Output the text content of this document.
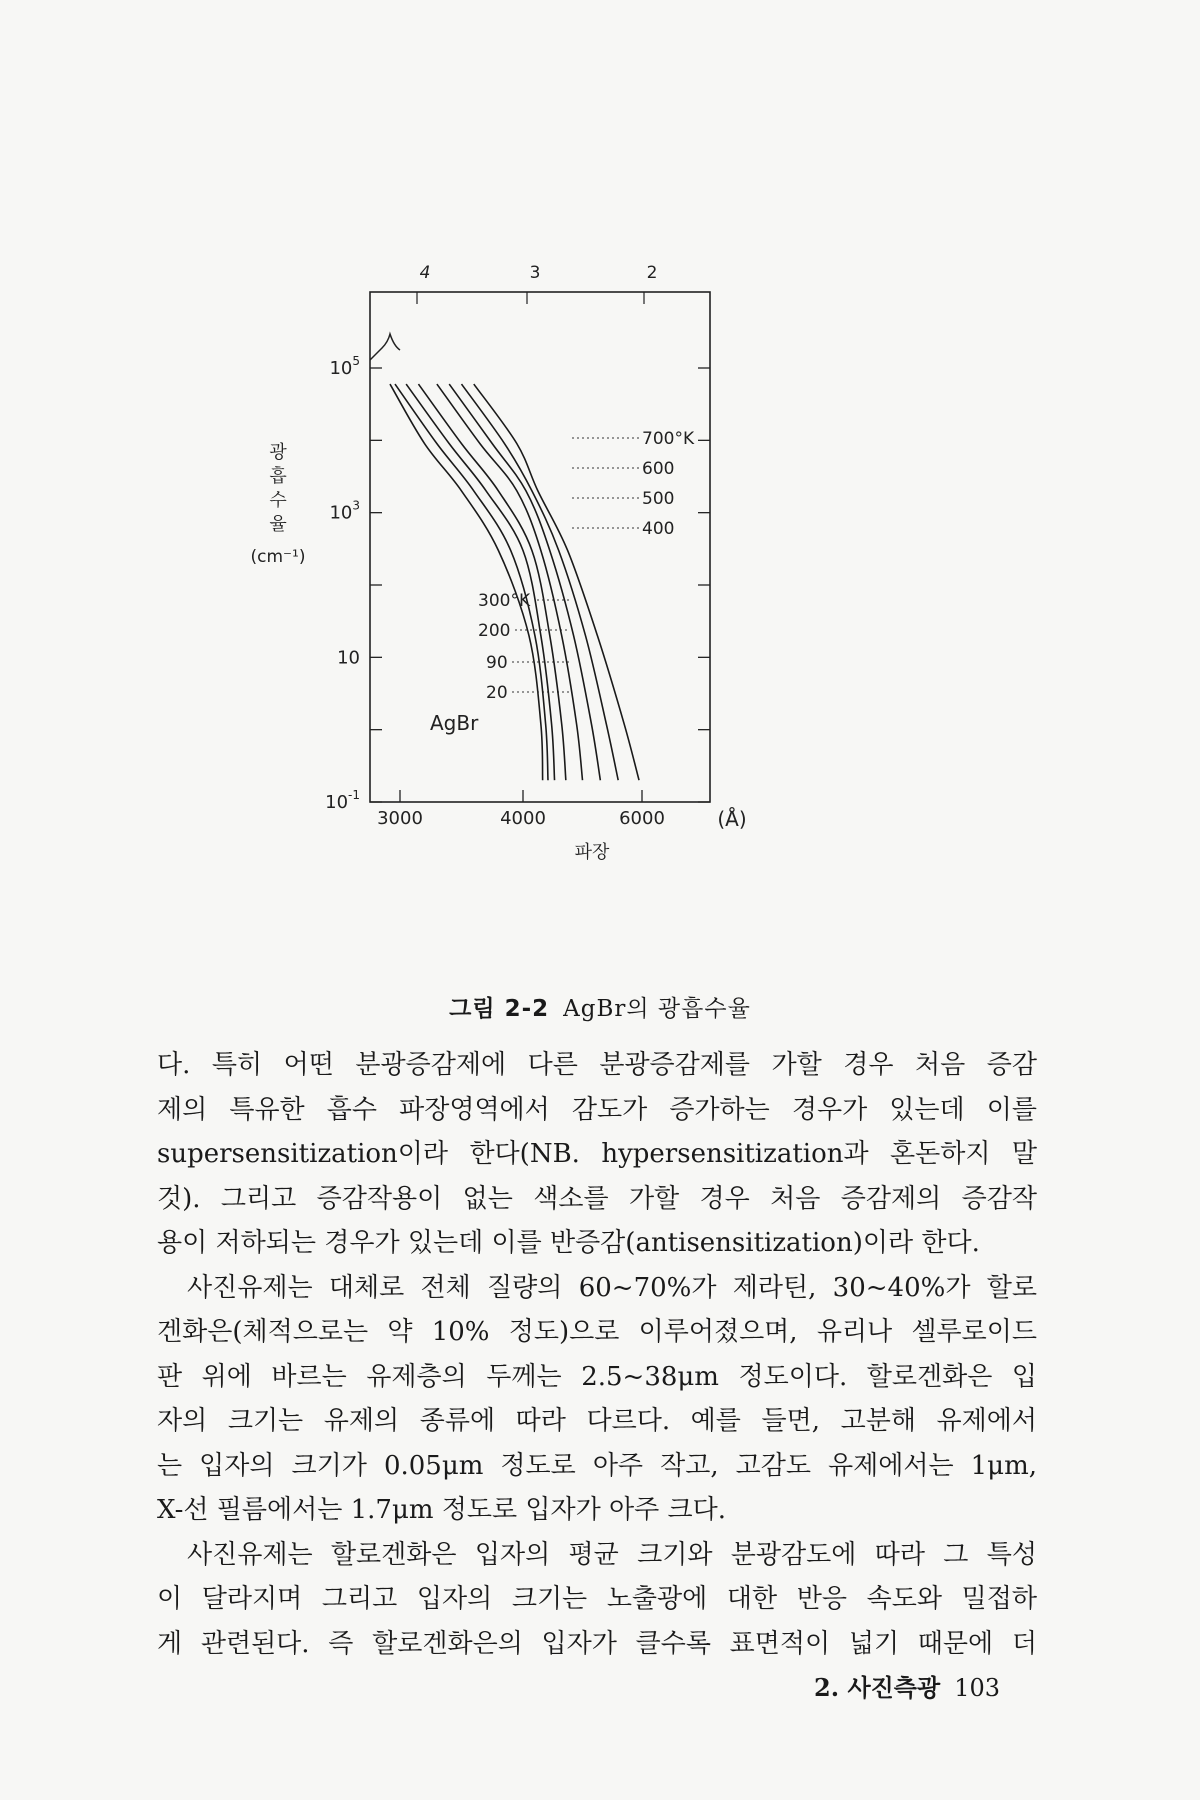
4	3	2
$10^5$
$10^3$
10
$10^{-1}$
3000	4000	6000	(Å)
파장
광 흡 수 율
(cm⁻¹)
AgBr
20
90
200
300°K
400
500
600
700°K
그림 2-2 AgBr의 광흡수율
다. 특히 어떤 분광증감제에 다른 분광증감제를 가할 경우 처음 증감
제의 특유한 흡수 파장영역에서 감도가 증가하는 경우가 있는데 이를
supersensitization이라 한다(NB. hypersensitization과 혼돈하지 말
것). 그리고 증감작용이 없는 색소를 가할 경우 처음 증감제의 증감작
용이 저하되는 경우가 있는데 이를 반증감(antisensitization)이라 한다.
사진유제는 대체로 전체 질량의 60~70%가 제라틴, 30~40%가 할로
겐화은(체적으로는 약 10% 정도)으로 이루어졌으며, 유리나 셀루로이드
판 위에 바르는 유제층의 두께는 2.5~38μm 정도이다. 할로겐화은 입
자의 크기는 유제의 종류에 따라 다르다. 예를 들면, 고분해 유제에서
는 입자의 크기가 0.05μm 정도로 아주 작고, 고감도 유제에서는 1μm,
X-선 필름에서는 1.7μm 정도로 입자가 아주 크다.
사진유제는 할로겐화은 입자의 평균 크기와 분광감도에 따라 그 특성
이 달라지며 그리고 입자의 크기는 노출광에 대한 반응 속도와 밀접하
게 관련된다. 즉 할로겐화은의 입자가 클수록 표면적이 넓기 때문에 더
2. 사진측광 103
